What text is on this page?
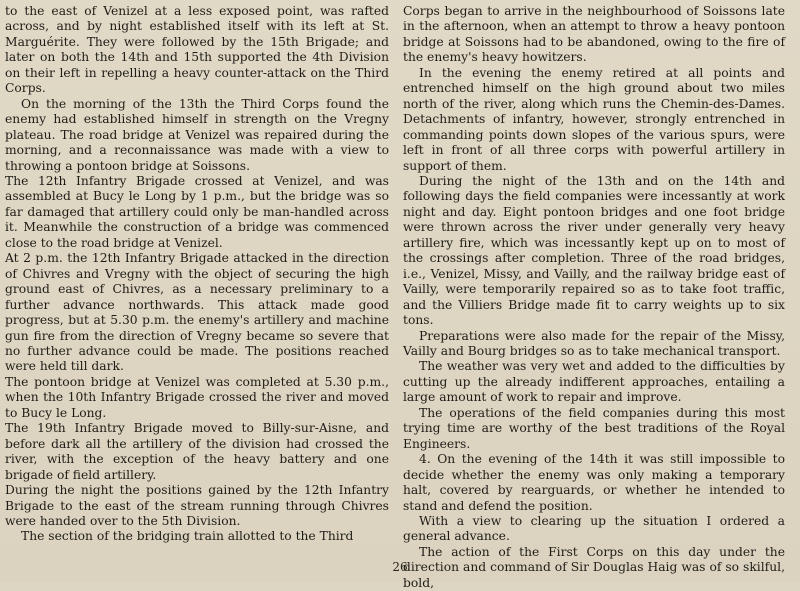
to the east of Venizel at a less exposed point, was rafted across, and by night established itself with its left at St. Marguérite. They were followed by the 15th Brigade; and later on both the 14th and 15th supported the 4th Division on their left in repelling a heavy counter-attack on the Third Corps.

On the morning of the 13th the Third Corps found the enemy had established himself in strength on the Vregny plateau. The road bridge at Venizel was repaired during the morning, and a reconnaissance was made with a view to throwing a pontoon bridge at Soissons.

The 12th Infantry Brigade crossed at Venizel, and was assembled at Bucy le Long by 1 p.m., but the bridge was so far damaged that artillery could only be man-handled across it. Meanwhile the construction of a bridge was commenced close to the road bridge at Venizel.

At 2 p.m. the 12th Infantry Brigade attacked in the direction of Chivres and Vregny with the object of securing the high ground east of Chivres, as a necessary preliminary to a further advance northwards. This attack made good progress, but at 5.30 p.m. the enemy's artillery and machine gun fire from the direction of Vregny became so severe that no further advance could be made. The positions reached were held till dark.

The pontoon bridge at Venizel was completed at 5.30 p.m., when the 10th Infantry Brigade crossed the river and moved to Bucy le Long.

The 19th Infantry Brigade moved to Billy-sur-Aisne, and before dark all the artillery of the division had crossed the river, with the exception of the heavy battery and one brigade of field artillery.

During the night the positions gained by the 12th Infantry Brigade to the east of the stream running through Chivres were handed over to the 5th Division.

The section of the bridging train allotted to the Third

Corps began to arrive in the neighbourhood of Soissons late in the afternoon, when an attempt to throw a heavy pontoon bridge at Soissons had to be abandoned, owing to the fire of the enemy's heavy howitzers.

In the evening the enemy retired at all points and entrenched himself on the high ground about two miles north of the river, along which runs the Chemin-des-Dames. Detachments of infantry, however, strongly entrenched in commanding points down slopes of the various spurs, were left in front of all three corps with powerful artillery in support of them.

During the night of the 13th and on the 14th and following days the field companies were incessantly at work night and day. Eight pontoon bridges and one foot bridge were thrown across the river under generally very heavy artillery fire, which was incessantly kept up on to most of the crossings after completion. Three of the road bridges, i.e., Venizel, Missy, and Vailly, and the railway bridge east of Vailly, were temporarily repaired so as to take foot traffic, and the Villiers Bridge made fit to carry weights up to six tons.

Preparations were also made for the repair of the Missy, Vailly and Bourg bridges so as to take mechanical transport.

The weather was very wet and added to the difficulties by cutting up the already indifferent approaches, entailing a large amount of work to repair and improve.

The operations of the field companies during this most trying time are worthy of the best traditions of the Royal Engineers.

4. On the evening of the 14th it was still impossible to decide whether the enemy was only making a temporary halt, covered by rearguards, or whether he intended to stand and defend the position.

With a view to clearing up the situation I ordered a general advance.

The action of the First Corps on this day under the direction and command of Sir Douglas Haig was of so skilful, bold,

26
